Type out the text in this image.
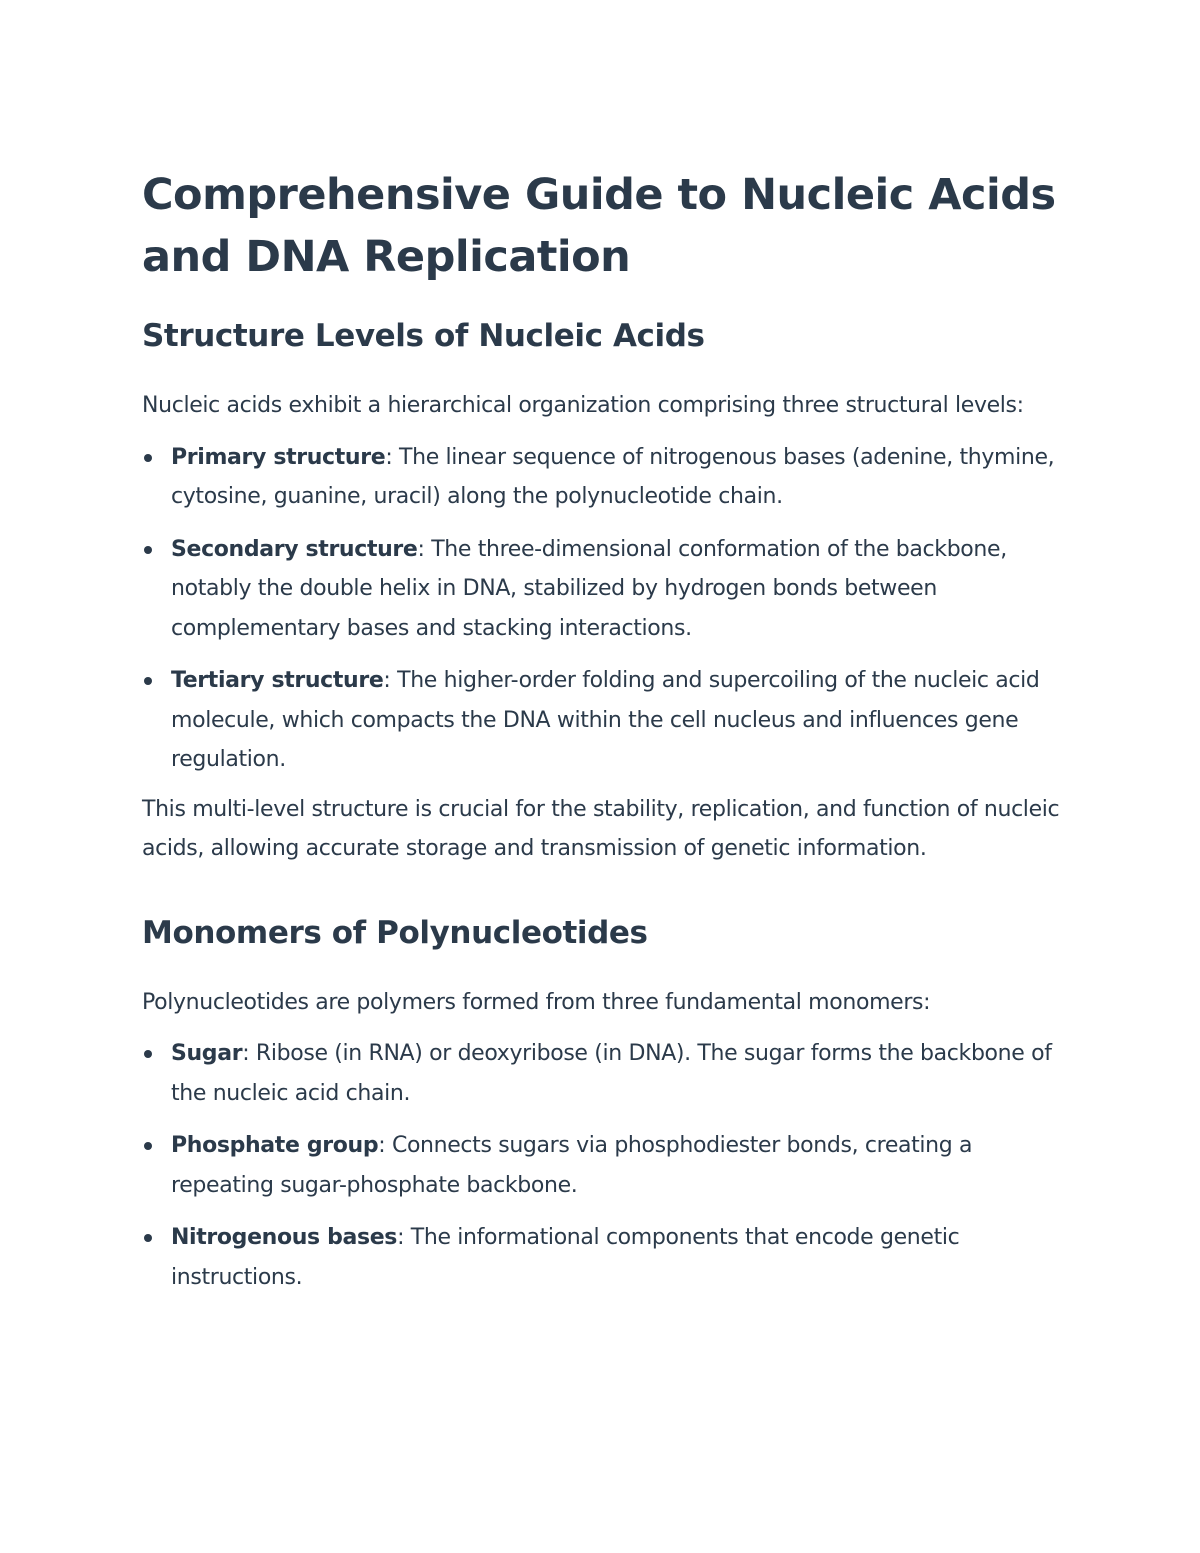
Comprehensive Guide to Nucleic Acids and DNA Replication
Structure Levels of Nucleic Acids

Nucleic acids exhibit a hierarchical organization comprising three structural levels:

Primary structure: The linear sequence of nitrogenous bases (adenine, thymine, cytosine, guanine, uracil) along the polynucleotide chain.
Secondary structure: The three-dimensional conformation of the backbone, notably the double helix in DNA, stabilized by hydrogen bonds between complementary bases and stacking interactions.
Tertiary structure: The higher-order folding and supercoiling of the nucleic acid molecule, which compacts the DNA within the cell nucleus and influences gene regulation.

This multi-level structure is crucial for the stability, replication, and function of nucleic acids, allowing accurate storage and transmission of genetic information.

Monomers of Polynucleotides

Polynucleotides are polymers formed from three fundamental monomers:

Sugar: Ribose (in RNA) or deoxyribose (in DNA). The sugar forms the backbone of the nucleic acid chain.
Phosphate group: Connects sugars via phosphodiester bonds, creating a repeating sugar-phosphate backbone.
Nitrogenous bases: The informational components that encode genetic instructions.
